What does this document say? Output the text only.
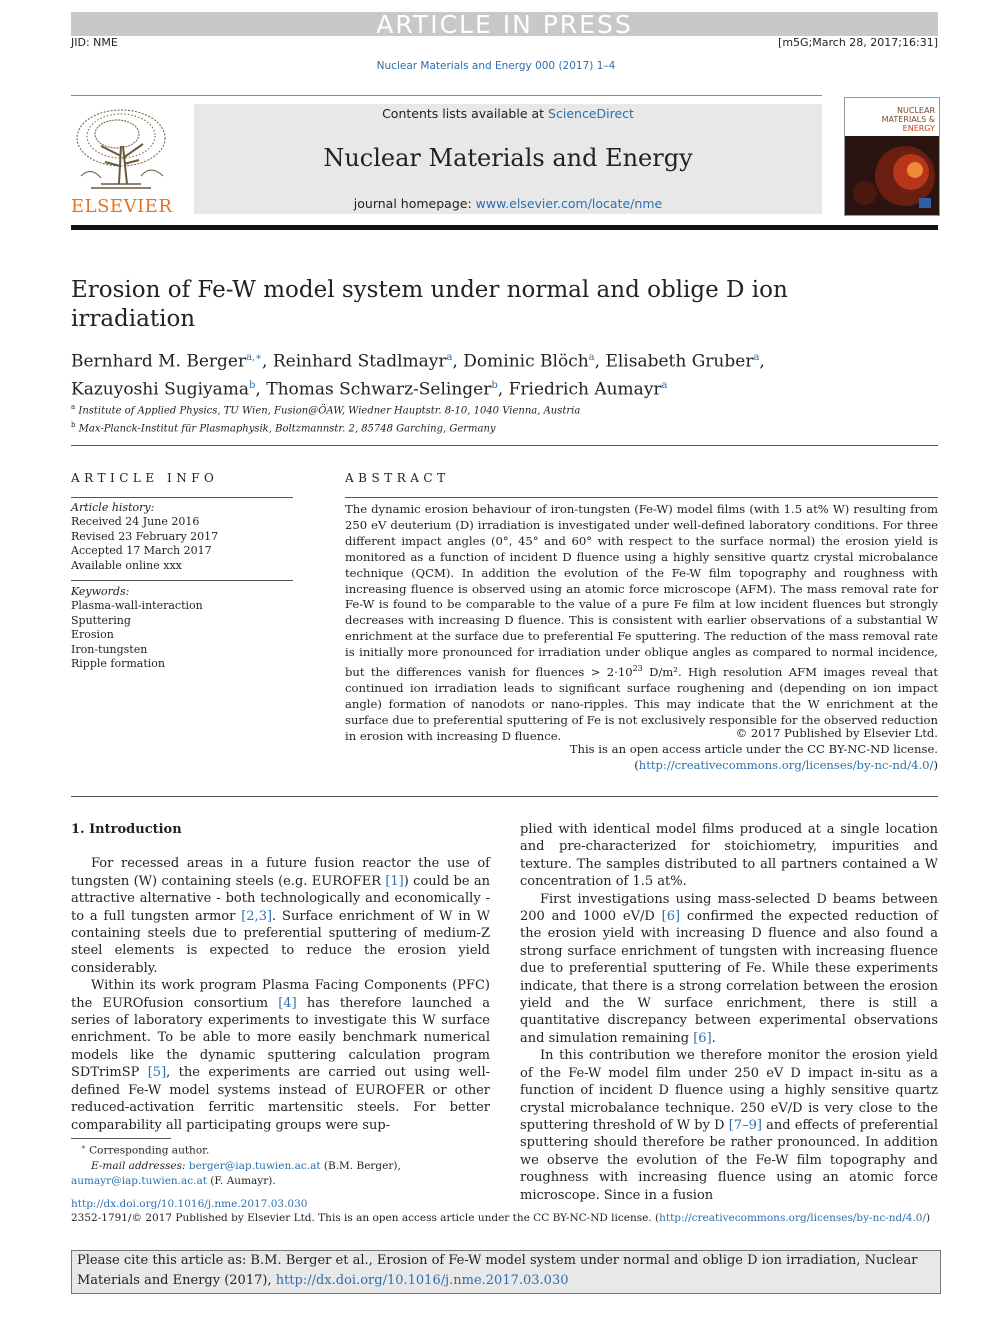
ARTICLE IN PRESS
JID: NME	[m5G;March 28, 2017;16:31]
Nuclear Materials and Energy 000 (2017) 1–4
ELSEVIER
Contents lists available at ScienceDirect
Nuclear Materials and Energy
journal homepage: www.elsevier.com/locate/nme
NUCLEAR
MATERIALS &
ENERGY
Erosion of Fe-W model system under normal and oblige D ion irradiation
Bernhard M. Berger$^{a,∗}$, Reinhard Stadlmayr$^a$, Dominic Blöch$^a$, Elisabeth Gruber$^a$,
Kazuyoshi Sugiyama$^b$, Thomas Schwarz-Selinger$^b$, Friedrich Aumayr$^a$
$^a$ Institute of Applied Physics, TU Wien, Fusion@ÖAW, Wiedner Hauptstr. 8-10, 1040 Vienna, Austria
$^b$ Max-Planck-Institut für Plasmaphysik, Boltzmannstr. 2, 85748 Garching, Germany
ARTICLE INFO	ABSTRACT
Article history:
Received 24 June 2016
Revised 23 February 2017
Accepted 17 March 2017
Available online xxx
Keywords:
Plasma-wall-interaction
Sputtering
Erosion
Iron-tungsten
Ripple formation
The dynamic erosion behaviour of iron-tungsten (Fe-W) model films (with 1.5 at% W) resulting from 250 eV deuterium (D) irradiation is investigated under well-defined laboratory conditions. For three different impact angles (0°, 45° and 60° with respect to the surface normal) the erosion yield is monitored as a function of incident D fluence using a highly sensitive quartz crystal microbalance technique (QCM). In addition the evolution of the Fe-W film topography and roughness with increasing fluence is observed using an atomic force microscope (AFM). The mass removal rate for Fe-W is found to be comparable to the value of a pure Fe film at low incident fluences but strongly decreases with increasing D fluence. This is consistent with earlier observations of a substantial W enrichment at the surface due to preferential Fe sputtering. The reduction of the mass removal rate is initially more pronounced for irradiation under oblique angles as compared to normal incidence, but the differences vanish for fluences > $2\cdot 10^{23}$ D/m². High resolution AFM images reveal that continued ion irradiation leads to significant surface roughening and (depending on ion impact angle) formation of nanodots or nano-ripples. This may indicate that the W enrichment at the surface due to preferential sputtering of Fe is not exclusively responsible for the observed reduction in erosion with increasing D fluence.	© 2017 Published by Elsevier Ltd.
This is an open access article under the CC BY-NC-ND license.
(http://creativecommons.org/licenses/by-nc-nd/4.0/)
1. Introduction

For recessed areas in a future fusion reactor the use of tungsten (W) containing steels (e.g. EUROFER [1]) could be an attractive alternative - both technologically and economically - to a full tungsten armor [2,3]. Surface enrichment of W in W containing steels due to preferential sputtering of medium-Z steel elements is expected to reduce the erosion yield considerably.

Within its work program Plasma Facing Components (PFC) the EUROfusion consortium [4] has therefore launched a series of laboratory experiments to investigate this W surface enrichment. To be able to more easily benchmark numerical models like the dynamic sputtering calculation program SDTrimSP [5], the experiments are carried out using well-defined Fe-W model systems instead of EUROFER or other reduced-activation ferritic martensitic steels. For better comparability all participating groups were sup-

plied with identical model films produced at a single location and pre-characterized for stoichiometry, impurities and texture. The samples distributed to all partners contained a W concentration of 1.5 at%.

First investigations using mass-selected D beams between 200 and 1000 eV/D [6] confirmed the expected reduction of the erosion yield with increasing D fluence and also found a strong surface enrichment of tungsten with increasing fluence due to preferential sputtering of Fe. While these experiments indicate, that there is a strong correlation between the erosion yield and the W surface enrichment, there is still a quantitative discrepancy between experimental observations and simulation remaining [6].

In this contribution we therefore monitor the erosion yield of the Fe-W model film under 250 eV D impact in-situ as a function of incident D fluence using a highly sensitive quartz crystal microbalance technique. 250 eV/D is very close to the sputtering threshold of W by D [7–9] and effects of preferential sputtering should therefore be rather pronounced. In addition we observe the evolution of the Fe-W film topography and roughness with increasing fluence using an atomic force microscope. Since in a fusion

∗ Corresponding author.
E-mail addresses: berger@iap.tuwien.ac.at (B.M. Berger),
aumayr@iap.tuwien.ac.at (F. Aumayr).
http://dx.doi.org/10.1016/j.nme.2017.03.030
2352-1791/© 2017 Published by Elsevier Ltd. This is an open access article under the CC BY-NC-ND license. (http://creativecommons.org/licenses/by-nc-nd/4.0/)
Please cite this article as: B.M. Berger et al., Erosion of Fe-W model system under normal and oblige D ion irradiation, Nuclear Materials and Energy (2017), http://dx.doi.org/10.1016/j.nme.2017.03.030
